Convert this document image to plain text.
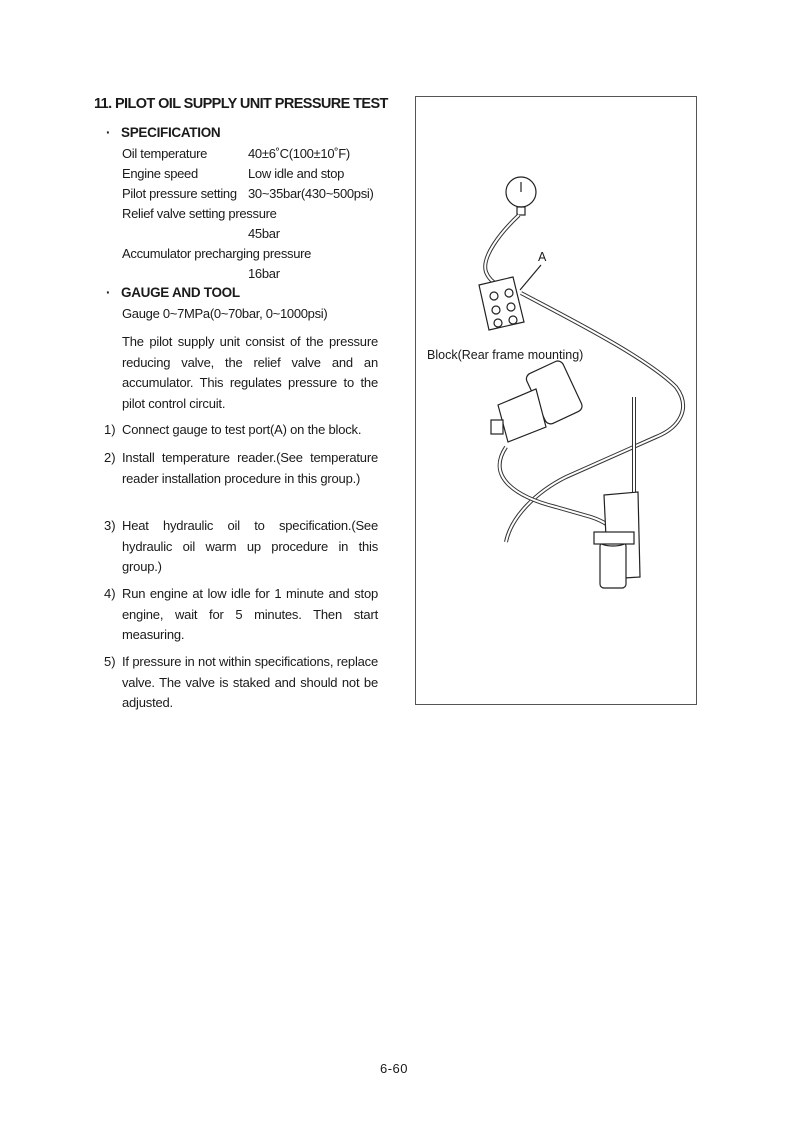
11. PILOT OIL SUPPLY UNIT PRESSURE TEST
· SPECIFICATION
Oil temperature	40±6˚C(100±10˚F)
Engine speed	Low idle and stop
Pilot pressure setting 30~35bar(430~500psi)
Relief valve setting pressure
45bar
Accumulator precharging pressure
16bar
· GAUGE AND TOOL
Gauge 0~7MPa(0~70bar, 0~1000psi)

The pilot supply unit consist of the pressure reducing valve, the relief valve and an accumulator. This regulates pressure to the pilot control circuit.

1) Connect gauge to test port(A) on the block.
2) Install temperature reader.(See temperature reader installation procedure in this group.)
3) Heat hydraulic oil to specification.(See hydraulic oil warm up procedure in this group.)
4) Run engine at low idle for 1 minute and stop engine, wait for 5 minutes. Then start measuring.
5) If pressure in not within specifications, replace valve. The valve is staked and should not be adjusted.
A
Block(Rear frame mounting)
6-60
